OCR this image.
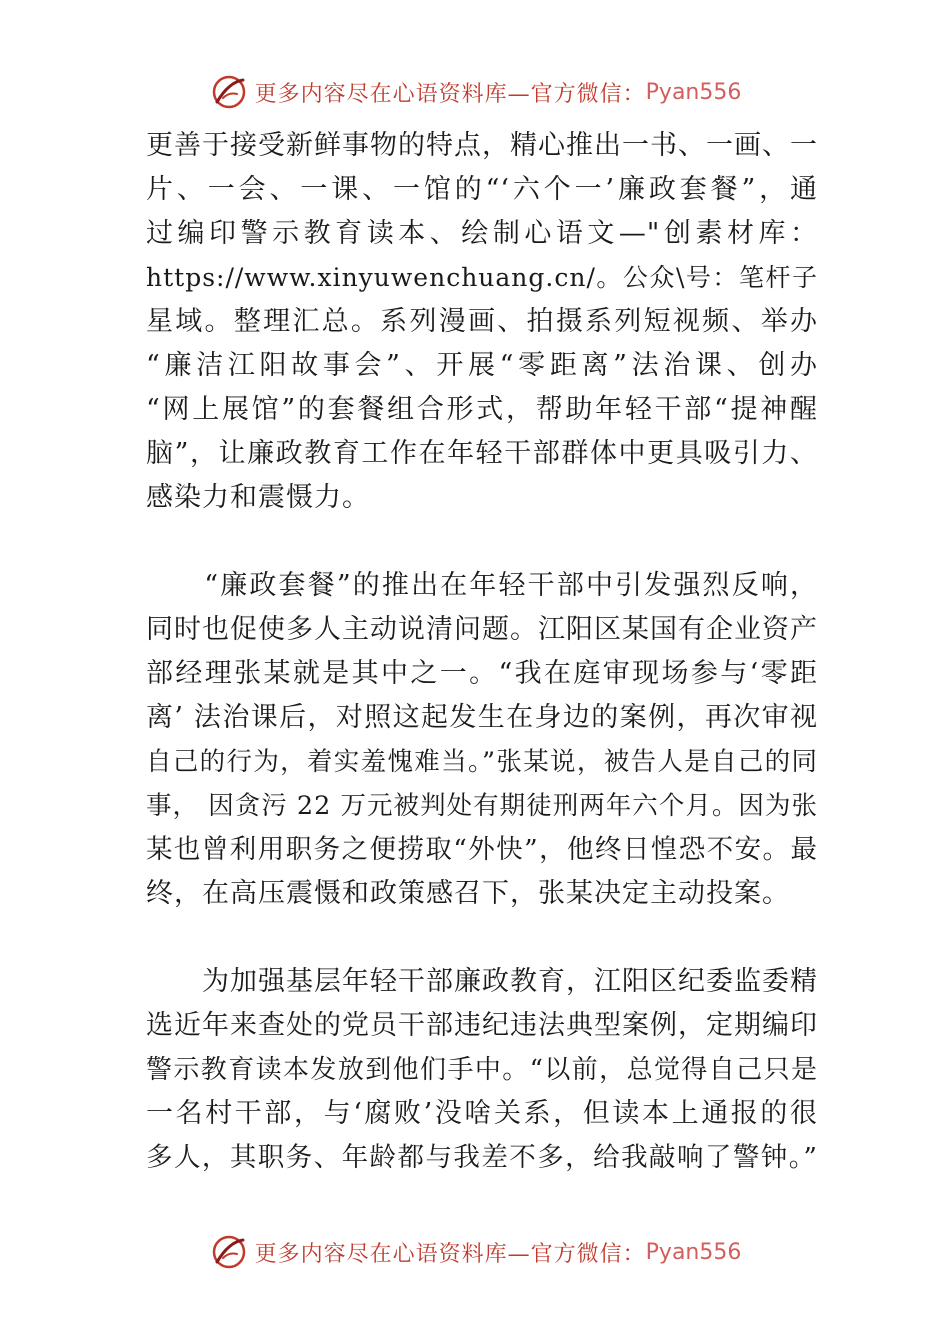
更多内容尽在心语资料库—官方微信： Pyan556

更善于接受新鲜事物的特点，精心推出一书、一画、一

片、一会、一课、一馆的“‘六个一’廉政套餐”，通

过编印警示教育读本、绘制心语文—"创素材库：

https://www.xinyuwenchuang.cn/。公众\号：笔杆子

星域。整理汇总。系列漫画、拍摄系列短视频、举办

“廉洁江阳故事会”、开展“零距离”法治课、创办

“网上展馆”的套餐组合形式，帮助年轻干部“提神醒

脑”，让廉政教育工作在年轻干部群体中更具吸引力、

感染力和震慑力。

　　“廉政套餐”的推出在年轻干部中引发强烈反响，

同时也促使多人主动说清问题。江阳区某国有企业资产

部经理张某就是其中之一。“我在庭审现场参与‘零距

离’ 法治课后，对照这起发生在身边的案例，再次审视

自己的行为，着实羞愧难当。”张某说，被告人是自己的同

事， 因贪污 22 万元被判处有期徒刑两年六个月。因为张

某也曾利用职务之便捞取“外快”，他终日惶恐不安。最

终，在高压震慑和政策感召下，张某决定主动投案。

　　为加强基层年轻干部廉政教育，江阳区纪委监委精

选近年来查处的党员干部违纪违法典型案例，定期编印

警示教育读本发放到他们手中。“以前，总觉得自己只是

一名村干部，与‘腐败’没啥关系，但读本上通报的很

多人，其职务、年龄都与我差不多，给我敲响了警钟。”

更多内容尽在心语资料库—官方微信： Pyan556
